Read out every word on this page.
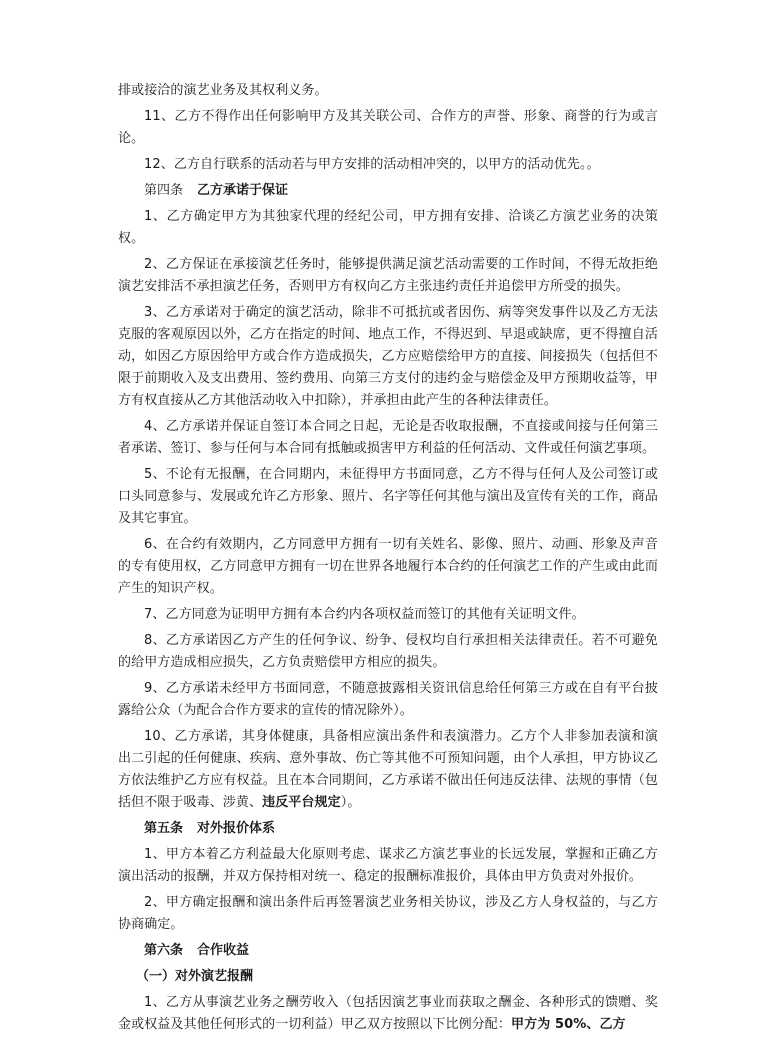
排或接洽的演艺业务及其权利义务。

11、乙方不得作出任何影响甲方及其关联公司、合作方的声誉、形象、商誉的行为或言论。

12、乙方自行联系的活动若与甲方安排的活动相冲突的，以甲方的活动优先。。

第四条 乙方承诺于保证

1、乙方确定甲方为其独家代理的经纪公司，甲方拥有安排、洽谈乙方演艺业务的决策权。

2、乙方保证在承接演艺任务时，能够提供满足演艺活动需要的工作时间，不得无故拒绝演艺安排活不承担演艺任务，否则甲方有权向乙方主张违约责任并追偿甲方所受的损失。

3、乙方承诺对于确定的演艺活动，除非不可抵抗或者因伤、病等突发事件以及乙方无法克服的客观原因以外，乙方在指定的时间、地点工作，不得迟到、早退或缺席，更不得擅自活动，如因乙方原因给甲方或合作方造成损失，乙方应赔偿给甲方的直接、间接损失（包括但不限于前期收入及支出费用、签约费用、向第三方支付的违约金与赔偿金及甲方预期收益等，甲方有权直接从乙方其他活动收入中扣除），并承担由此产生的各种法律责任。

4、乙方承诺并保证自签订本合同之日起，无论是否收取报酬，不直接或间接与任何第三者承诺、签订、参与任何与本合同有抵触或损害甲方利益的任何活动、文件或任何演艺事项。

5、不论有无报酬，在合同期内，未征得甲方书面同意，乙方不得与任何人及公司签订或口头同意参与、发展或允许乙方形象、照片、名字等任何其他与演出及宣传有关的工作，商品及其它事宜。

6、在合约有效期内，乙方同意甲方拥有一切有关姓名、影像、照片、动画、形象及声音的专有使用权，乙方同意甲方拥有一切在世界各地履行本合约的任何演艺工作的产生或由此而产生的知识产权。

7、乙方同意为证明甲方拥有本合约内各项权益而签订的其他有关证明文件。

8、乙方承诺因乙方产生的任何争议、纷争、侵权均自行承担相关法律责任。若不可避免的给甲方造成相应损失，乙方负责赔偿甲方相应的损失。

9、乙方承诺未经甲方书面同意，不随意披露相关资讯信息给任何第三方或在自有平台披露给公众（为配合合作方要求的宣传的情况除外）。

10、乙方承诺，其身体健康，具备相应演出条件和表演潜力。乙方个人非参加表演和演出二引起的任何健康、疾病、意外事故、伤亡等其他不可预知问题，由个人承担，甲方协议乙方依法维护乙方应有权益。且在本合同期间，乙方承诺不做出任何违反法律、法规的事情（包括但不限于吸毒、涉黄、违反平台规定）。

第五条 对外报价体系

1、甲方本着乙方利益最大化原则考虑、谋求乙方演艺事业的长远发展，掌握和正确乙方演出活动的报酬，并双方保持相对统一、稳定的报酬标准报价，具体由甲方负责对外报价。

2、甲方确定报酬和演出条件后再签署演艺业务相关协议，涉及乙方人身权益的，与乙方协商确定。

第六条 合作收益

（一）对外演艺报酬

1、乙方从事演艺业务之酬劳收入（包括因演艺事业而获取之酬金、各种形式的馈赠、奖金或权益及其他任何形式的一切利益）甲乙双方按照以下比例分配：甲方为 50%、乙方
